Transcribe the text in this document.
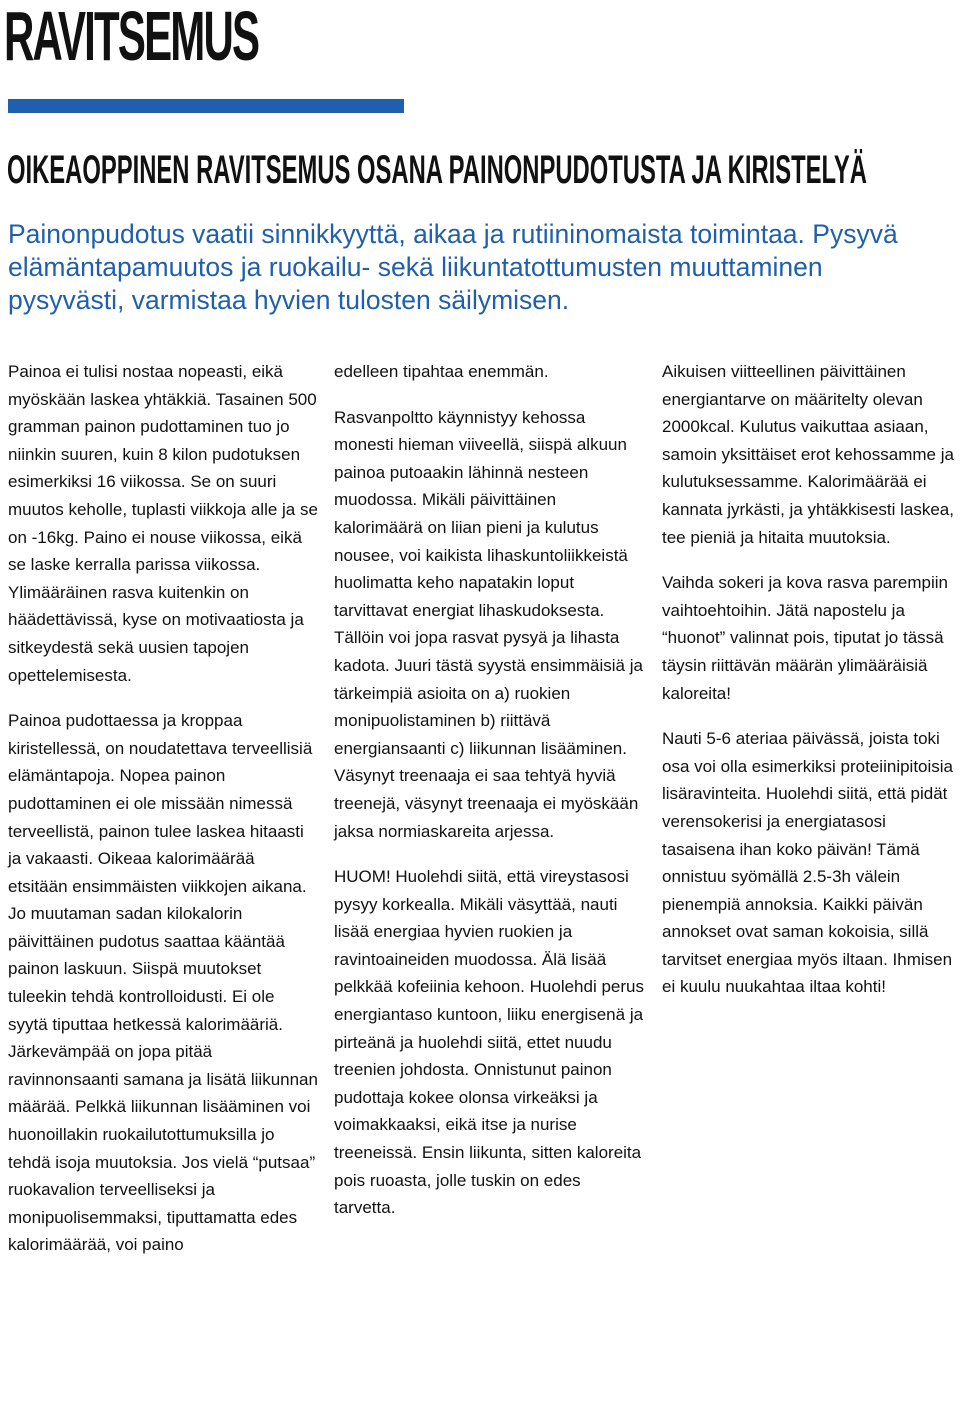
RAVITSEMUS
OIKEAOPPINEN RAVITSEMUS OSANA PAINONPUDOTUSTA JA KIRISTELYÄ

Painonpudotus vaatii sinnikkyyttä, aikaa ja rutiininomaista toimintaa. Pysyvä elämäntapamuutos ja ruokailu- sekä liikuntatottumusten muuttaminen pysyvästi, varmistaa hyvien tulosten säilymisen.

Painoa ei tulisi nostaa nopeasti, eikä myöskään laskea yhtäkkiä. Tasainen 500 gramman painon pudottaminen tuo jo niinkin suuren, kuin 8 kilon pudotuksen esimerkiksi 16 viikossa. Se on suuri muutos keholle, tuplasti viikkoja alle ja se on -16kg. Paino ei nouse viikossa, eikä se laske kerralla parissa viikossa. Ylimääräinen rasva kuitenkin on häädettävissä, kyse on motivaatiosta ja sitkeydestä sekä uusien tapojen opettelemisesta.

Painoa pudottaessa ja kroppaa kiristellessä, on noudatettava terveellisiä elämäntapoja. Nopea painon pudottaminen ei ole missään nimessä terveellistä, painon tulee laskea hitaasti ja vakaasti. Oikeaa kalorimäärää etsitään ensimmäisten viikkojen aikana. Jo muutaman sadan kilokalorin päivittäinen pudotus saattaa kääntää painon laskuun. Siispä muutokset tuleekin tehdä kontrolloidusti. Ei ole syytä tiputtaa hetkessä kalorimääriä. Järkevämpää on jopa pitää ravinnonsaanti samana ja lisätä liikunnan määrää. Pelkkä liikunnan lisääminen voi huonoillakin ruokailutottumuksilla jo tehdä isoja muutoksia. Jos vielä “putsaa” ruokavalion terveelliseksi ja monipuolisemmaksi, tiputtamatta edes kalorimäärää, voi paino

edelleen tipahtaa enemmän.

Rasvanpoltto käynnistyy kehossa monesti hieman viiveellä, siispä alkuun painoa putoaakin lähinnä nesteen muodossa. Mikäli päivittäinen kalorimäärä on liian pieni ja kulutus nousee, voi kaikista lihaskuntoliikkeistä huolimatta keho napatakin loput tarvittavat energiat lihaskudoksesta. Tällöin voi jopa rasvat pysyä ja lihasta kadota. Juuri tästä syystä ensimmäisiä ja tärkeimpiä asioita on a) ruokien monipuolistaminen b) riittävä energiansaanti c) liikunnan lisääminen. Väsynyt treenaaja ei saa tehtyä hyviä treenejä, väsynyt treenaaja ei myöskään jaksa normiaskareita arjessa.

HUOM! Huolehdi siitä, että vireystasosi pysyy korkealla. Mikäli väsyttää, nauti lisää energiaa hyvien ruokien ja ravintoaineiden muodossa. Älä lisää pelkkää kofeiinia kehoon. Huolehdi perus energiantaso kuntoon, liiku energisenä ja pirteänä ja huolehdi siitä, ettet nuudu treenien johdosta. Onnistunut painon pudottaja kokee olonsa virkeäksi ja voimakkaaksi, eikä itse ja nurise treeneissä. Ensin liikunta, sitten kaloreita pois ruoasta, jolle tuskin on edes tarvetta.

Aikuisen viitteellinen päivittäinen energiantarve on määritelty olevan 2000kcal. Kulutus vaikuttaa asiaan, samoin yksittäiset erot kehossamme ja kulutuksessamme. Kalorimäärää ei kannata jyrkästi, ja yhtäkkisesti laskea, tee pieniä ja hitaita muutoksia.

Vaihda sokeri ja kova rasva parempiin vaihtoehtoihin. Jätä napostelu ja “huonot” valinnat pois, tiputat jo tässä täysin riittävän määrän ylimääräisiä kaloreita!

Nauti 5-6 ateriaa päivässä, joista toki osa voi olla esimerkiksi proteiinipitoisia lisäravinteita. Huolehdi siitä, että pidät verensokerisi ja energiatasosi tasaisena ihan koko päivän! Tämä onnistuu syömällä 2.5-3h välein pienempiä annoksia. Kaikki päivän annokset ovat saman kokoisia, sillä tarvitset energiaa myös iltaan. Ihmisen ei kuulu nuukahtaa iltaa kohti!
